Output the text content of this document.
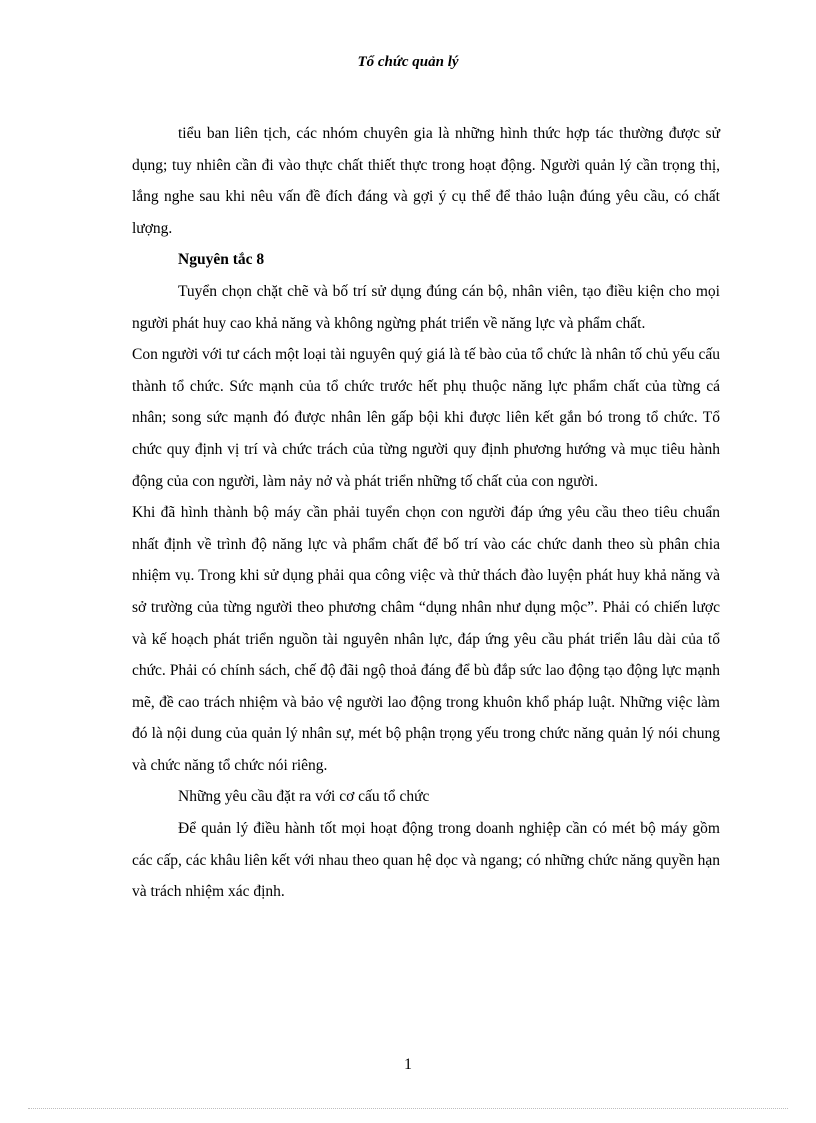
Tổ chức quản lý

tiểu ban liên tịch, các nhóm chuyên gia là những hình thức hợp tác thường được sử dụng; tuy nhiên cần đi vào thực chất thiết thực trong hoạt động. Người quản lý cần trọng thị, lắng nghe sau khi nêu vấn đề đích đáng và gợi ý cụ thể để thảo luận đúng yêu cầu, có chất lượng.

Nguyên tắc 8

Tuyển chọn chặt chẽ và bố trí sử dụng đúng cán bộ, nhân viên, tạo điều kiện cho mọi người phát huy cao khả năng và không ngừng phát triển về năng lực và phẩm chất.

Con người với tư cách một loại tài nguyên quý giá là tế bào của tổ chức là nhân tố chủ yếu cấu thành tổ chức. Sức mạnh của tổ chức trước hết phụ thuộc năng lực phẩm chất của từng cá nhân; song sức mạnh đó được nhân lên gấp bội khi được liên kết gắn bó trong tổ chức. Tổ chức quy định vị trí và chức trách của từng người quy định phương hướng và mục tiêu hành động của con người, làm nảy nở và phát triển những tố chất của con người.

Khi đã hình thành bộ máy cần phải tuyển chọn con người đáp ứng yêu cầu theo tiêu chuẩn nhất định về trình độ năng lực và phẩm chất để bố trí vào các chức danh theo sù phân chia nhiệm vụ. Trong khi sử dụng phải qua công việc và thử thách đào luyện phát huy khả năng và sở trường của từng người theo phương châm “dụng nhân như dụng mộc”. Phải có chiến lược và kế hoạch phát triển nguồn tài nguyên nhân lực, đáp ứng yêu cầu phát triển lâu dài của tổ chức. Phải có chính sách, chế độ đãi ngộ thoả đáng để bù đắp sức lao động tạo động lực mạnh mẽ, đề cao trách nhiệm và bảo vệ người lao động trong khuôn khổ pháp luật. Những việc làm đó là nội dung của quản lý nhân sự, mét bộ phận trọng yếu trong chức năng quản lý nói chung và chức năng tổ chức nói riêng.

Những yêu cầu đặt ra với cơ cấu tổ chức

Để quản lý điều hành tốt mọi hoạt động trong doanh nghiệp cần có mét bộ máy gồm các cấp, các khâu liên kết với nhau theo quan hệ dọc và ngang; có những chức năng quyền hạn và trách nhiệm xác định.

1
